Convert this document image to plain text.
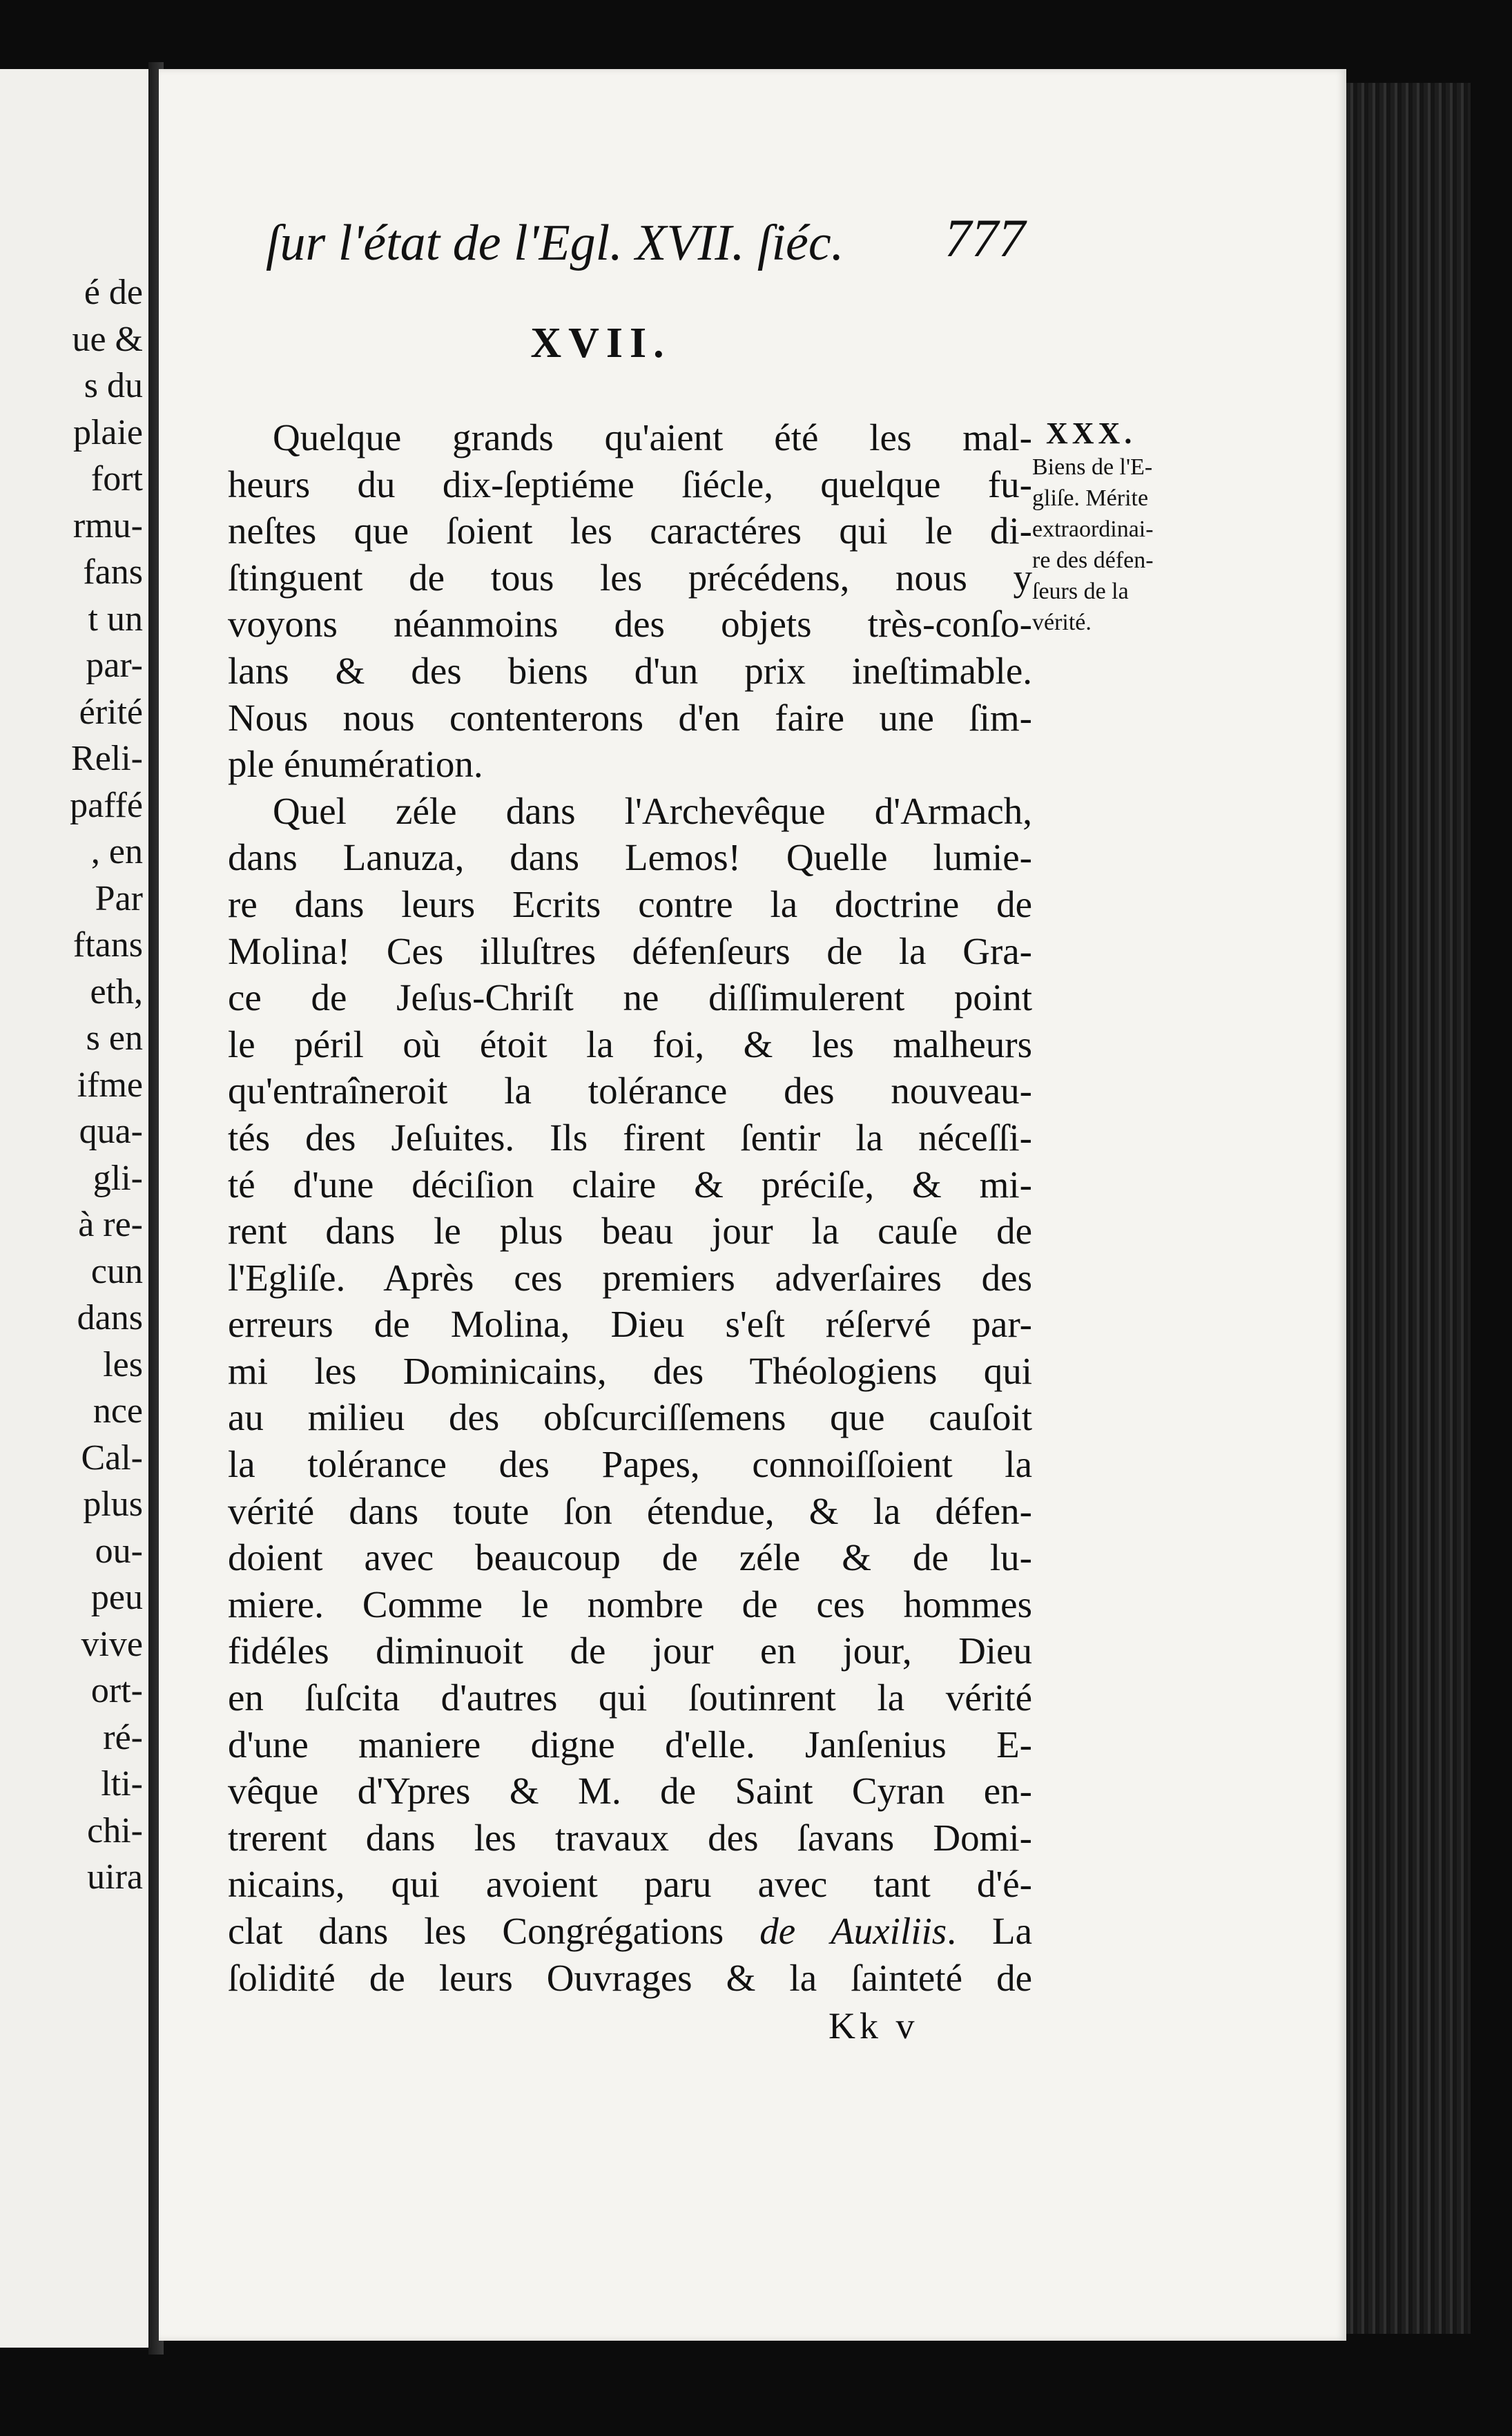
é de
ue &
s du
plaie
fort
rmu-
fans
t un
par-
érité
Reli-
paffé
, en
Par
ftans
eth,
s en
ifme
qua-
gli-
à re-
cun
dans
les
nce
Cal-
plus
ou-
peu
vive
ort-
ré-
lti-
chi-
uira
ſur l'état de l'Egl. XVII. ſiéc. 777
XVII.
Quelque grands qu'aient été les mal-
heurs du dix-ſeptiéme ſiécle, quelque fu-
neſtes que ſoient les caractéres qui le di-
ſtinguent de tous les précédens, nous y
voyons néanmoins des objets très-conſo-
lans & des biens d'un prix ineſtimable.
Nous nous contenterons d'en faire une ſim-
ple énumération.
Quel zéle dans l'Archevêque d'Armach,
dans Lanuza, dans Lemos! Quelle lumie-
re dans leurs Ecrits contre la doctrine de
Molina! Ces illuſtres défenſeurs de la Gra-
ce de Jeſus-Chriſt ne diſſimulerent point
le péril où étoit la foi, & les malheurs
qu'entraîneroit la tolérance des nouveau-
tés des Jeſuites. Ils firent ſentir la néceſſi-
té d'une déciſion claire & préciſe, & mi-
rent dans le plus beau jour la cauſe de
l'Egliſe. Après ces premiers adverſaires des
erreurs de Molina, Dieu s'eſt réſervé par-
mi les Dominicains, des Théologiens qui
au milieu des obſcurciſſemens que cauſoit
la tolérance des Papes, connoiſſoient la
vérité dans toute ſon étendue, & la défen-
doient avec beaucoup de zéle & de lu-
miere. Comme le nombre de ces hommes
fidéles diminuoit de jour en jour, Dieu
en ſuſcita d'autres qui ſoutinrent la vérité
d'une maniere digne d'elle. Janſenius E-
vêque d'Ypres & M. de Saint Cyran en-
trerent dans les travaux des ſavans Domi-
nicains, qui avoient paru avec tant d'é-
clat dans les Congrégations de Auxiliis. La
ſolidité de leurs Ouvrages & la ſainteté de
XXX.
Biens de l'E-
gliſe. Mérite
extraordinai-
re des défen-
ſeurs de la
vérité.
Kk v
